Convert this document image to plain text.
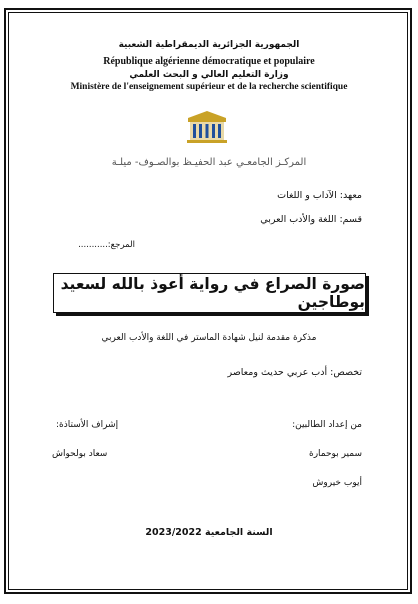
الجمهورية الجزائرية الديمقراطية الشعبية
République algérienne démocratique et populaire
وزارة التعليم العالي و البحث العلمي
Ministère de l'enseignement supérieur et de la recherche scientifique
المركـز الجامعـي عبد الحفيـظ بوالصـوف- ميلـة
معهد: الآداب و اللغات
قسم: اللغة والأدب العربي
المرجع:...........
صورة الصراع في رواية أعوذ بالله لسعيد بوطاجين
مذكرة مقدمة لنيل شهادة الماستر في اللغة والأدب العربي
تخصص: أدب عربي حديث ومعاصر
من إعداد الطالبين:
إشراف الأستاذة:
سمير بوحمارة
سعاد بولحواش
أيوب خيروش
السنة الجامعية 2023/2022
